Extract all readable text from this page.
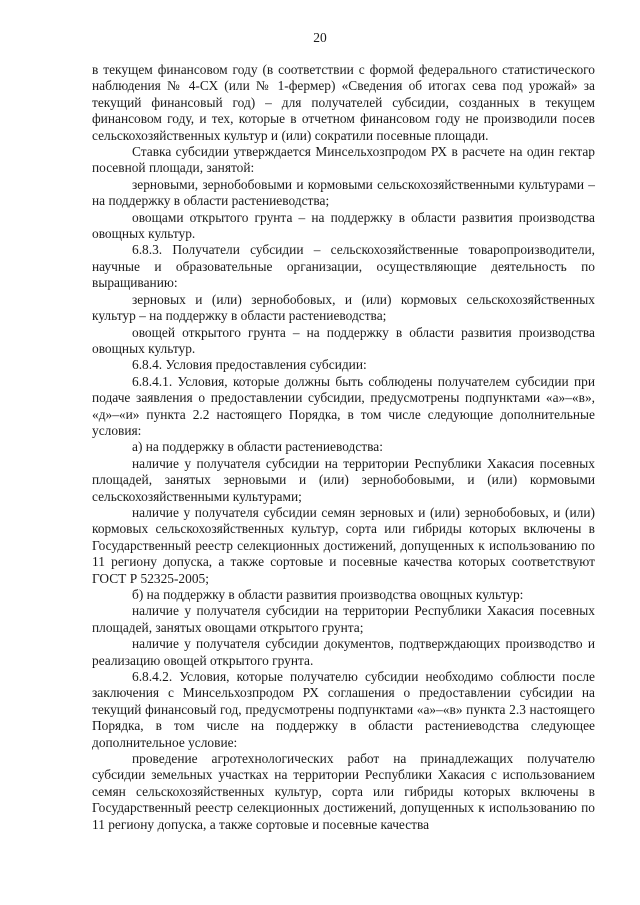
20

в текущем финансовом году (в соответствии с формой федерального статистического наблюдения № 4-СХ (или № 1-фермер) «Сведения об итогах сева под урожай» за текущий финансовый год) – для получателей субсидии, созданных в текущем финансовом году, и тех, которые в отчетном финансовом году не производили посев сельскохозяйственных культур и (или) сократили посевные площади.

Ставка субсидии утверждается Минсельхозпродом РХ в расчете на один гектар посевной площади, занятой:

зерновыми, зернобобовыми и кормовыми сельскохозяйственными культурами – на поддержку в области растениеводства;

овощами открытого грунта – на поддержку в области развития производства овощных культур.

6.8.3. Получатели субсидии – сельскохозяйственные товаропроизводители, научные и образовательные организации, осуществляющие деятельность по выращиванию:

зерновых и (или) зернобобовых, и (или) кормовых сельскохозяйственных культур – на поддержку в области растениеводства;

овощей открытого грунта – на поддержку в области развития производства овощных культур.

6.8.4. Условия предоставления субсидии:

6.8.4.1. Условия, которые должны быть соблюдены получателем субсидии при подаче заявления о предоставлении субсидии, предусмотрены подпунктами «а»–«в», «д»–«и» пункта 2.2 настоящего Порядка, в том числе следующие дополнительные условия:

а) на поддержку в области растениеводства:

наличие у получателя субсидии на территории Республики Хакасия посевных площадей, занятых зерновыми и (или) зернобобовыми, и (или) кормовыми сельскохозяйственными культурами;

наличие у получателя субсидии семян зерновых и (или) зернобобовых, и (или) кормовых сельскохозяйственных культур, сорта или гибриды которых включены в Государственный реестр селекционных достижений, допущенных к использованию по 11 региону допуска, а также сортовые и посевные качества которых соответствуют ГОСТ Р 52325-2005;

б) на поддержку в области развития производства овощных культур:

наличие у получателя субсидии на территории Республики Хакасия посевных площадей, занятых овощами открытого грунта;

наличие у получателя субсидии документов, подтверждающих производство и реализацию овощей открытого грунта.

6.8.4.2. Условия, которые получателю субсидии необходимо соблюсти после заключения с Минсельхозпродом РХ соглашения о предоставлении субсидии на текущий финансовый год, предусмотрены подпунктами «а»–«в» пункта 2.3 настоящего Порядка, в том числе на поддержку в области растениеводства следующее дополнительное условие:

проведение агротехнологических работ на принадлежащих получателю субсидии земельных участках на территории Республики Хакасия с использованием семян сельскохозяйственных культур, сорта или гибриды которых включены в Государственный реестр селекционных достижений, допущенных к использованию по 11 региону допуска, а также сортовые и посевные качества
